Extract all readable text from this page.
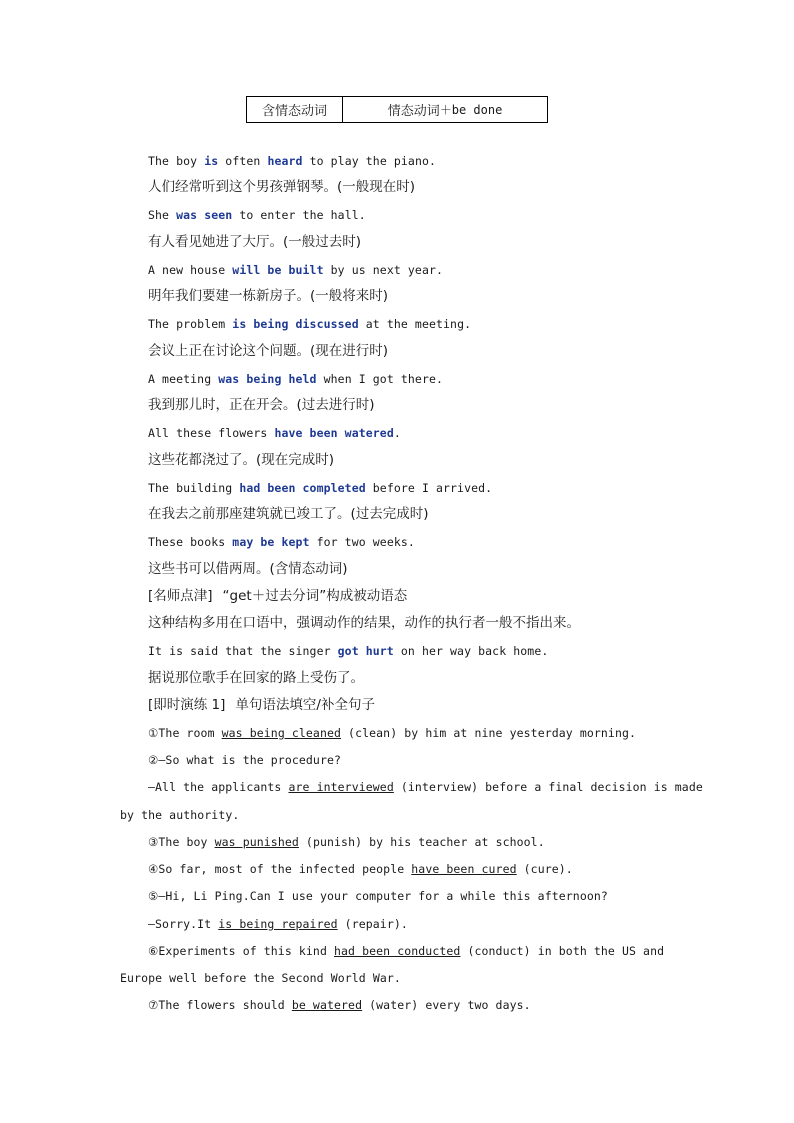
含情态动词	情态动词 ＋be done
The boy is often heard to play the piano.
人们经常听到这个男孩弹钢琴。(一般现在时)
She was seen to enter the hall.
有人看见她进了大厅。(一般过去时)
A new house will be built by us next year.
明年我们要建一栋新房子。(一般将来时)
The problem is being discussed at the meeting.
会议上正在讨论这个问题。(现在进行时)
A meeting was being held when I got there.
我到那儿时，正在开会。(过去进行时)
All these flowers have been watered.
这些花都浇过了。(现在完成时)
The building had been completed before I arrived.
在我去之前那座建筑就已竣工了。(过去完成时)
These books may be kept for two weeks.
这些书可以借两周。(含情态动词)
[名师点津] “get＋过去分词”构成被动语态
这种结构多用在口语中，强调动作的结果，动作的执行者一般不指出来。
It is said that the singer got hurt on her way back home.
据说那位歌手在回家的路上受伤了。
[即时演练 1] 单句语法填空/补全句子
①The room was being cleaned (clean) by him at nine yesterday morning.
②—So what is the procedure?
—All the applicants are interviewed (interview) before a final decision is made
by the authority.
③The boy was punished (punish) by his teacher at school.
④So far, most of the infected people have been cured (cure).
⑤—Hi, Li Ping.Can I use your computer for a while this afternoon?
—Sorry.It is being repaired (repair).
⑥Experiments of this kind had been conducted (conduct) in both the US and
Europe well before the Second World War.
⑦The flowers should be watered (water) every two days.
